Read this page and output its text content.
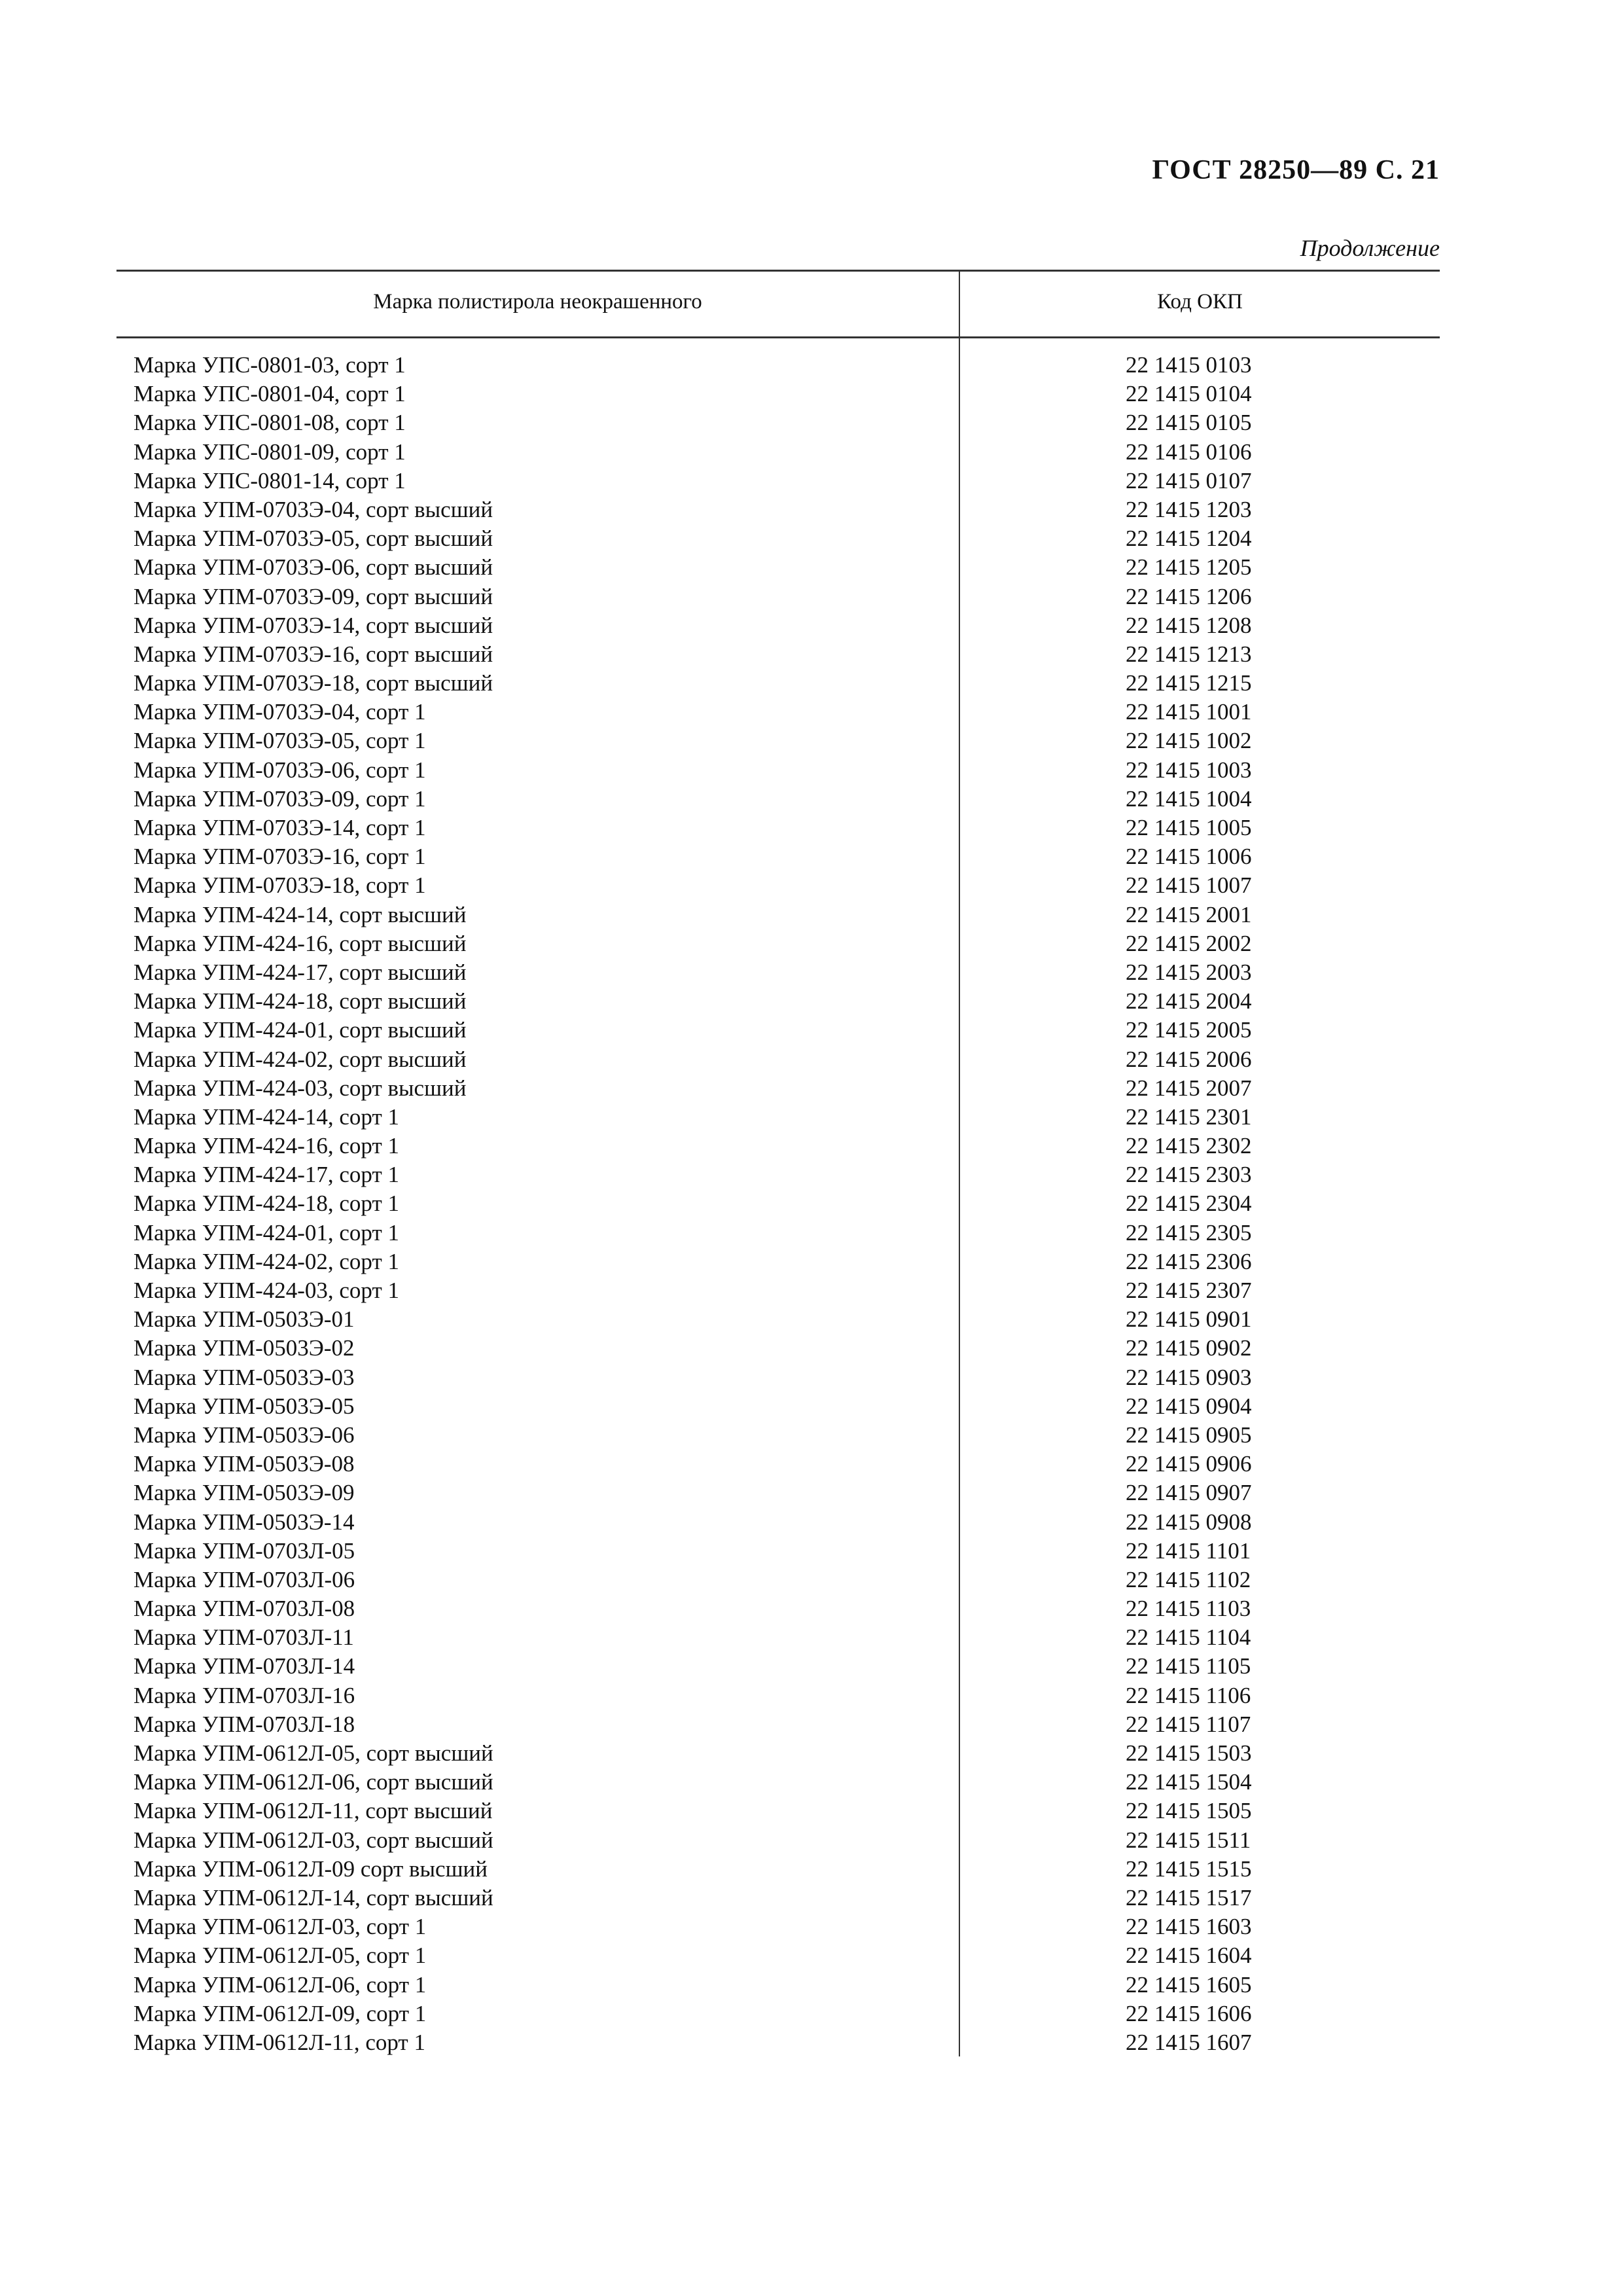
ГОСТ 28250—89 С. 21
Продолжение
Марка полистирола неокрашенного	Код ОКП
Марка УПС-0801-03, сорт 1	22 1415 0103
Марка УПС-0801-04, сорт 1	22 1415 0104
Марка УПС-0801-08, сорт 1	22 1415 0105
Марка УПС-0801-09, сорт 1	22 1415 0106
Марка УПС-0801-14, сорт 1	22 1415 0107
Марка УПМ-0703Э-04, сорт высший	22 1415 1203
Марка УПМ-0703Э-05, сорт высший	22 1415 1204
Марка УПМ-0703Э-06, сорт высший	22 1415 1205
Марка УПМ-0703Э-09, сорт высший	22 1415 1206
Марка УПМ-0703Э-14, сорт высший	22 1415 1208
Марка УПМ-0703Э-16, сорт высший	22 1415 1213
Марка УПМ-0703Э-18, сорт высший	22 1415 1215
Марка УПМ-0703Э-04, сорт 1	22 1415 1001
Марка УПМ-0703Э-05, сорт 1	22 1415 1002
Марка УПМ-0703Э-06, сорт 1	22 1415 1003
Марка УПМ-0703Э-09, сорт 1	22 1415 1004
Марка УПМ-0703Э-14, сорт 1	22 1415 1005
Марка УПМ-0703Э-16, сорт 1	22 1415 1006
Марка УПМ-0703Э-18, сорт 1	22 1415 1007
Марка УПМ-424-14, сорт высший	22 1415 2001
Марка УПМ-424-16, сорт высший	22 1415 2002
Марка УПМ-424-17, сорт высший	22 1415 2003
Марка УПМ-424-18, сорт высший	22 1415 2004
Марка УПМ-424-01, сорт высший	22 1415 2005
Марка УПМ-424-02, сорт высший	22 1415 2006
Марка УПМ-424-03, сорт высший	22 1415 2007
Марка УПМ-424-14, сорт 1	22 1415 2301
Марка УПМ-424-16, сорт 1	22 1415 2302
Марка УПМ-424-17, сорт 1	22 1415 2303
Марка УПМ-424-18, сорт 1	22 1415 2304
Марка УПМ-424-01, сорт 1	22 1415 2305
Марка УПМ-424-02, сорт 1	22 1415 2306
Марка УПМ-424-03, сорт 1	22 1415 2307
Марка УПМ-0503Э-01	22 1415 0901
Марка УПМ-0503Э-02	22 1415 0902
Марка УПМ-0503Э-03	22 1415 0903
Марка УПМ-0503Э-05	22 1415 0904
Марка УПМ-0503Э-06	22 1415 0905
Марка УПМ-0503Э-08	22 1415 0906
Марка УПМ-0503Э-09	22 1415 0907
Марка УПМ-0503Э-14	22 1415 0908
Марка УПМ-0703Л-05	22 1415 1101
Марка УПМ-0703Л-06	22 1415 1102
Марка УПМ-0703Л-08	22 1415 1103
Марка УПМ-0703Л-11	22 1415 1104
Марка УПМ-0703Л-14	22 1415 1105
Марка УПМ-0703Л-16	22 1415 1106
Марка УПМ-0703Л-18	22 1415 1107
Марка УПМ-0612Л-05, сорт высший	22 1415 1503
Марка УПМ-0612Л-06, сорт высший	22 1415 1504
Марка УПМ-0612Л-11, сорт высший	22 1415 1505
Марка УПМ-0612Л-03, сорт высший	22 1415 1511
Марка УПМ-0612Л-09 сорт высший	22 1415 1515
Марка УПМ-0612Л-14, сорт высший	22 1415 1517
Марка УПМ-0612Л-03, сорт 1	22 1415 1603
Марка УПМ-0612Л-05, сорт 1	22 1415 1604
Марка УПМ-0612Л-06, сорт 1	22 1415 1605
Марка УПМ-0612Л-09, сорт 1	22 1415 1606
Марка УПМ-0612Л-11, сорт 1	22 1415 1607
